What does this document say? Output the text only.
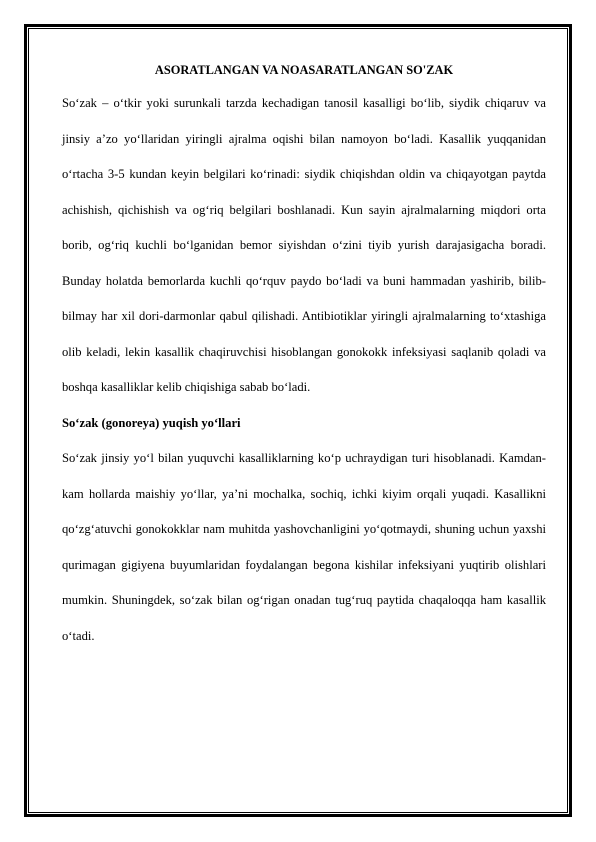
ASORATLANGAN VA NOASARATLANGAN SO'ZAK

So‘zak – o‘tkir yoki surunkali tarzda kechadigan tanosil kasalligi bo‘lib, siydik chiqaruv va jinsiy a’zo yo‘llaridan yiringli ajralma oqishi bilan namoyon bo‘ladi. Kasallik yuqqanidan o‘rtacha 3-5 kundan keyin belgilari ko‘rinadi: siydik chiqishdan oldin va chiqayotgan paytda achishish, qichishish va og‘riq belgilari boshlanadi. Kun sayin ajralmalarning miqdori orta borib, og‘riq kuchli bo‘lganidan bemor siyishdan o‘zini tiyib yurish darajasigacha boradi. Bunday holatda bemorlarda kuchli qo‘rquv paydo bo‘ladi va buni hammadan yashirib, bilib-bilmay har xil dori-darmonlar qabul qilishadi. Antibiotiklar yiringli ajralmalarning to‘xtashiga olib keladi, lekin kasallik chaqiruvchisi hisoblangan gonokokk infeksiyasi saqlanib qoladi va boshqa kasalliklar kelib chiqishiga sabab bo‘ladi.

So‘zak (gonoreya) yuqish yo‘llari

So‘zak jinsiy yo‘l bilan yuquvchi kasalliklarning ko‘p uchraydigan turi hisoblanadi. Kamdan-kam hollarda maishiy yo‘llar, ya’ni mochalka, sochiq, ichki kiyim orqali yuqadi. Kasallikni qo‘zg‘atuvchi gonokokklar nam muhitda yashovchanligini yo‘qotmaydi, shuning uchun yaxshi qurimagan gigiyena buyumlaridan foydalangan begona kishilar infeksiyani yuqtirib olishlari mumkin. Shuningdek, so‘zak bilan og‘rigan onadan tug‘ruq paytida chaqaloqqa ham kasallik o‘tadi.
